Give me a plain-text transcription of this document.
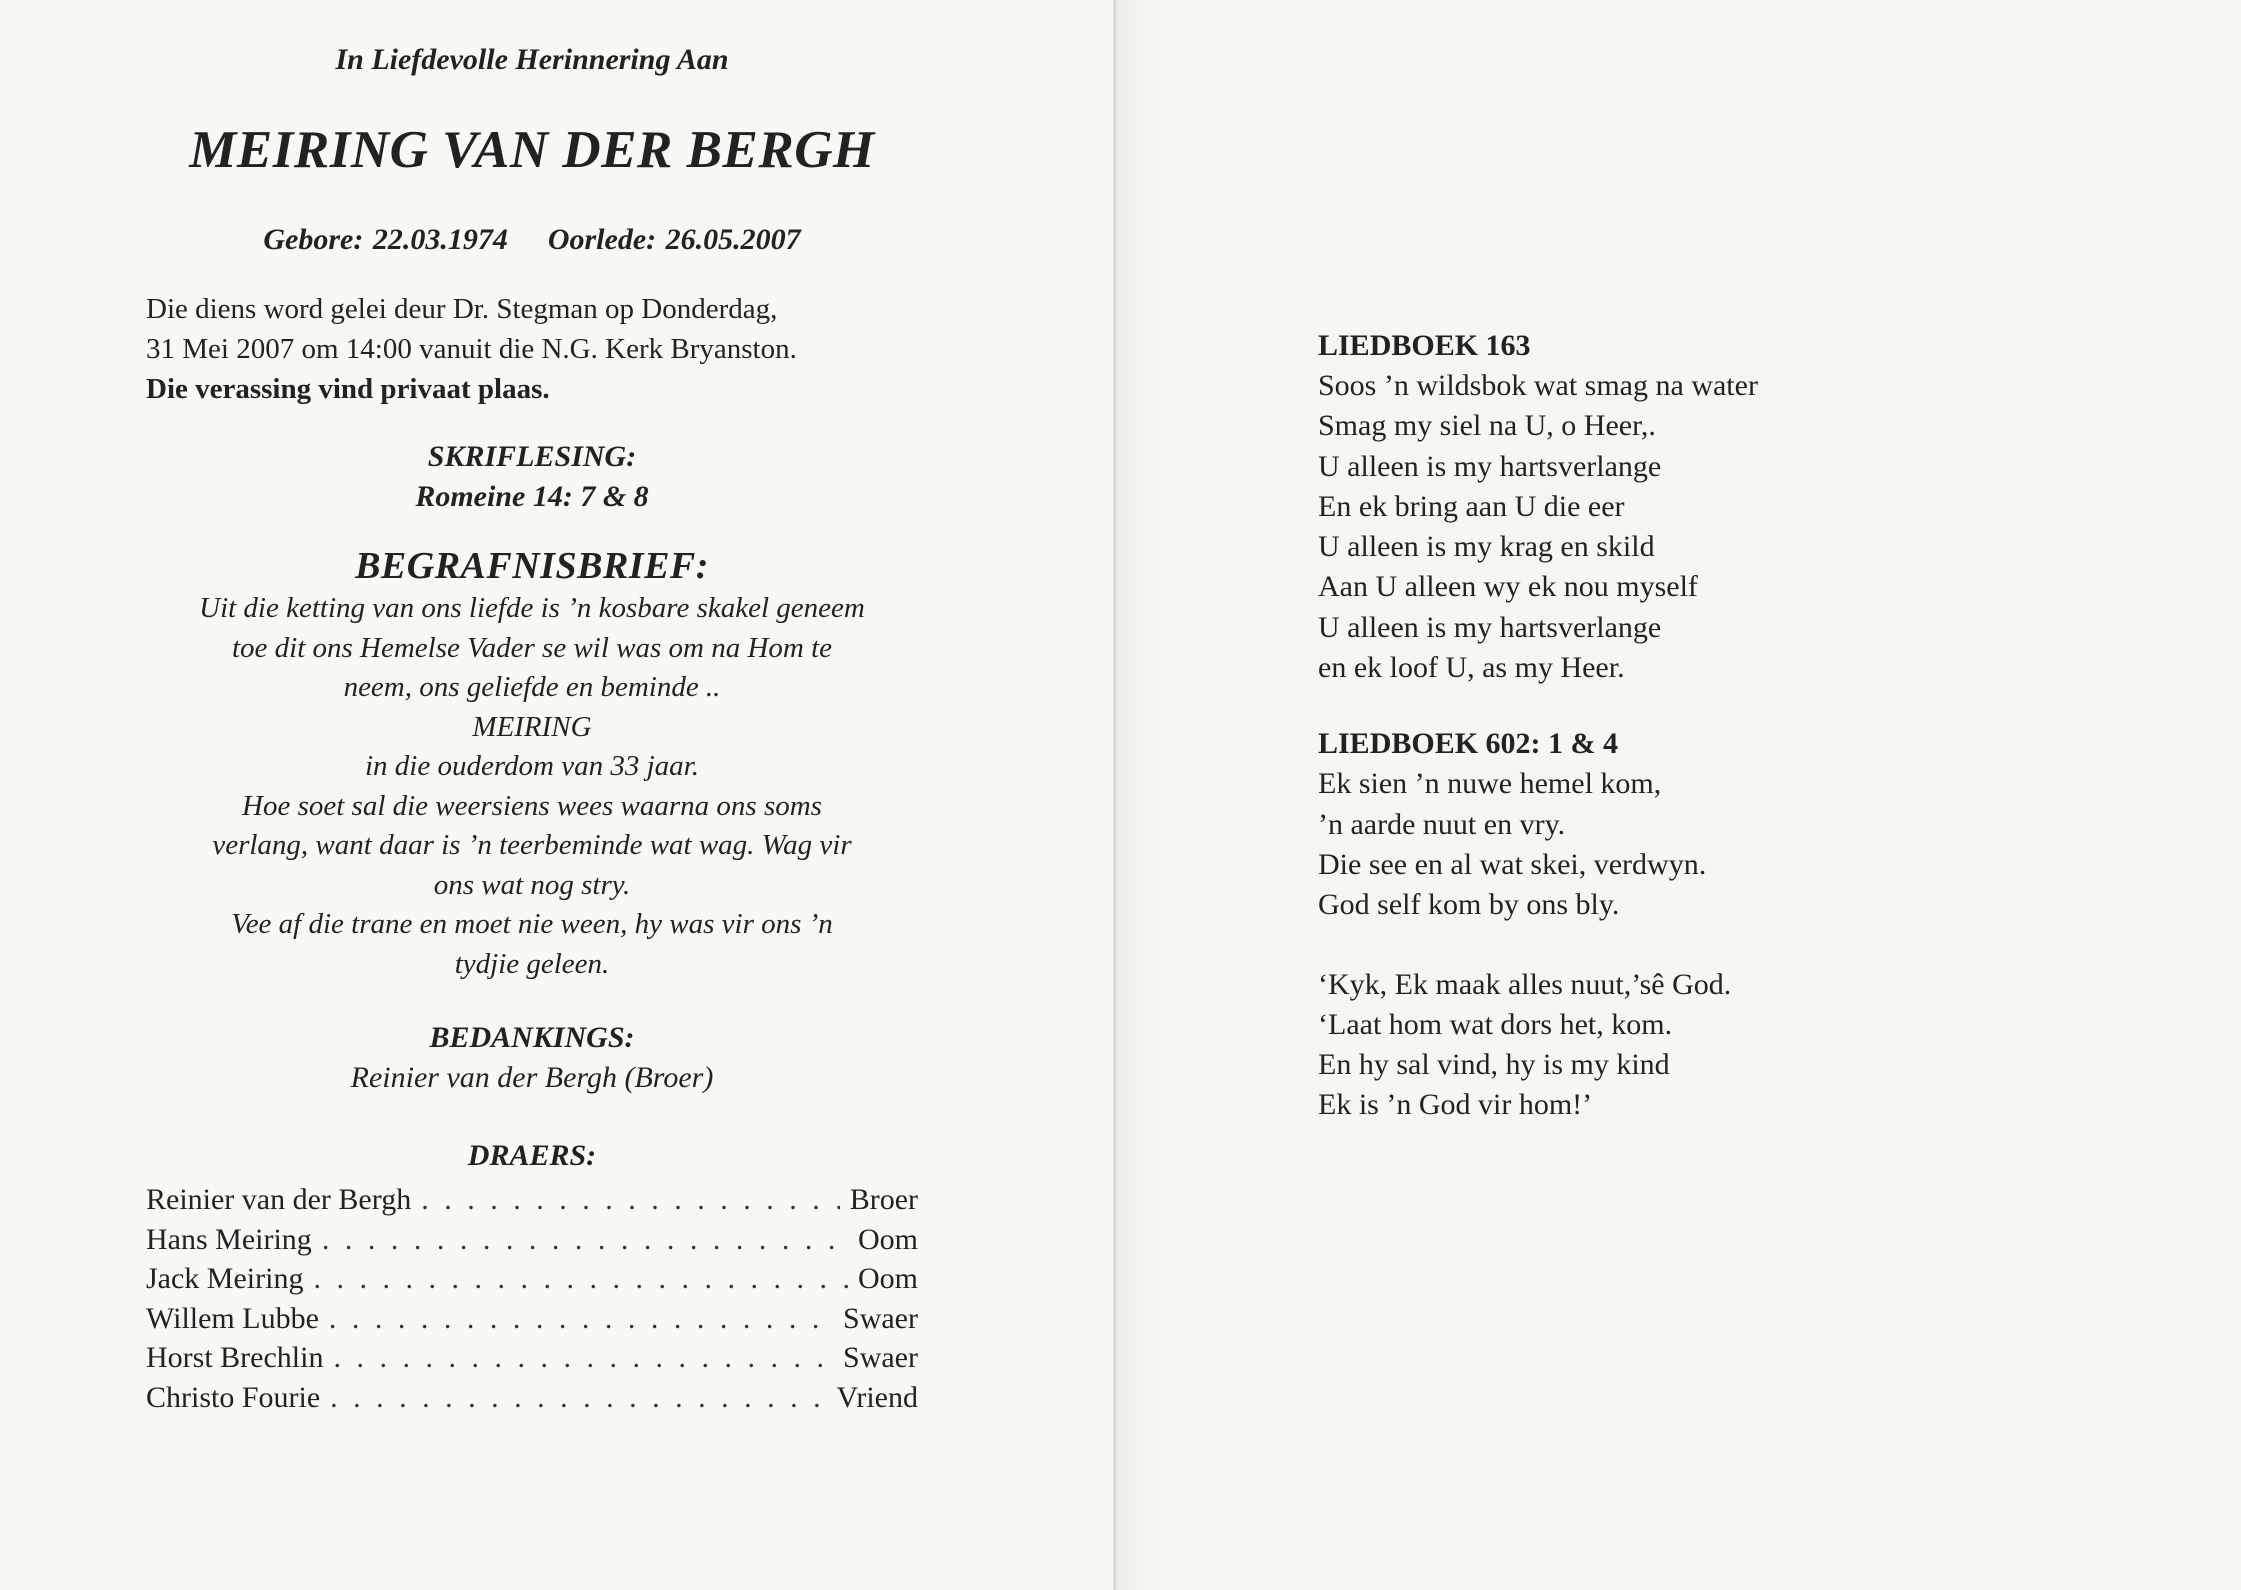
In Liefdevolle Herinnering Aan

MEIRING VAN DER BERGH

Gebore: 22.03.1974 Oorlede: 26.05.2007

Die diens word gelei deur Dr. Stegman op Donderdag,

31 Mei 2007 om 14:00 vanuit die N.G. Kerk Bryanston.

Die verassing vind privaat plaas.

SKRIFLESING:

Romeine 14: 7 & 8

BEGRAFNISBRIEF:

Uit die ketting van ons liefde is ’n kosbare skakel geneem

toe dit ons Hemelse Vader se wil was om na Hom te

neem, ons geliefde en beminde ..

MEIRING

in die ouderdom van 33 jaar.

Hoe soet sal die weersiens wees waarna ons soms

verlang, want daar is ’n teerbeminde wat wag. Wag vir

ons wat nog stry.

Vee af die trane en moet nie ween, hy was vir ons ’n

tydjie geleen.

BEDANKINGS:

Reinier van der Bergh (Broer)

DRAERS:

Reinier van der Bergh . . .	Broer
Hans Meiring . . .	Oom
Jack Meiring . . .	Oom
Willem Lubbe . . .	Swaer
Horst Brechlin . . .	Swaer
Christo Fourie . . .	Vriend

LIEDBOEK 163

Soos ’n wildsbok wat smag na water

Smag my siel na U, o Heer,.

U alleen is my hartsverlange

En ek bring aan U die eer

U alleen is my krag en skild

Aan U alleen wy ek nou myself

U alleen is my hartsverlange

en ek loof U, as my Heer.

LIEDBOEK 602: 1 & 4

Ek sien ’n nuwe hemel kom,

’n aarde nuut en vry.

Die see en al wat skei, verdwyn.

God self kom by ons bly.

‘Kyk, Ek maak alles nuut,’sê God.

‘Laat hom wat dors het, kom.

En hy sal vind, hy is my kind

Ek is ’n God vir hom!’
